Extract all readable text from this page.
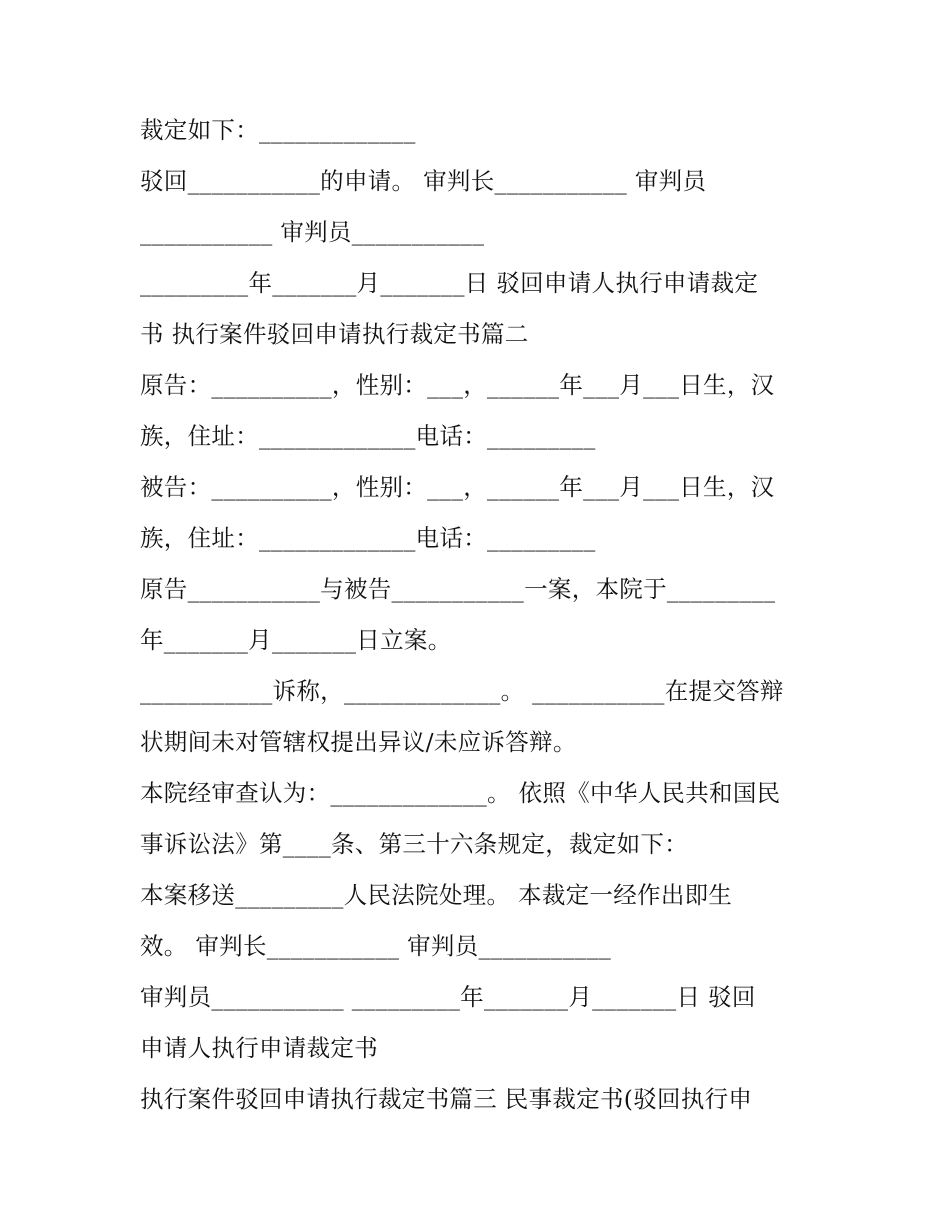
裁定如下：_____________
驳回___________的申请。 审判长___________ 审判员
___________ 审判员___________
_________年_______月_______日 驳回申请人执行申请裁定
书 执行案件驳回申请执行裁定书篇二
原告：__________，性别：___，______年___月___日生，汉
族，住址：_____________电话：_________
被告：__________，性别：___，______年___月___日生，汉
族，住址：_____________电话：_________
原告___________与被告___________一案，本院于_________
年_______月_______日立案。
___________诉称，_____________。 ___________在提交答辩
状期间未对管辖权提出异议/未应诉答辩。
本院经审查认为：_____________。 依照《中华人民共和国民
事诉讼法》第____条、第三十六条规定，裁定如下：
本案移送_________人民法院处理。 本裁定一经作出即生
效。 审判长___________ 审判员___________
审判员___________ _________年_______月_______日 驳回
申请人执行申请裁定书
执行案件驳回申请执行裁定书篇三 民事裁定书(驳回执行申
